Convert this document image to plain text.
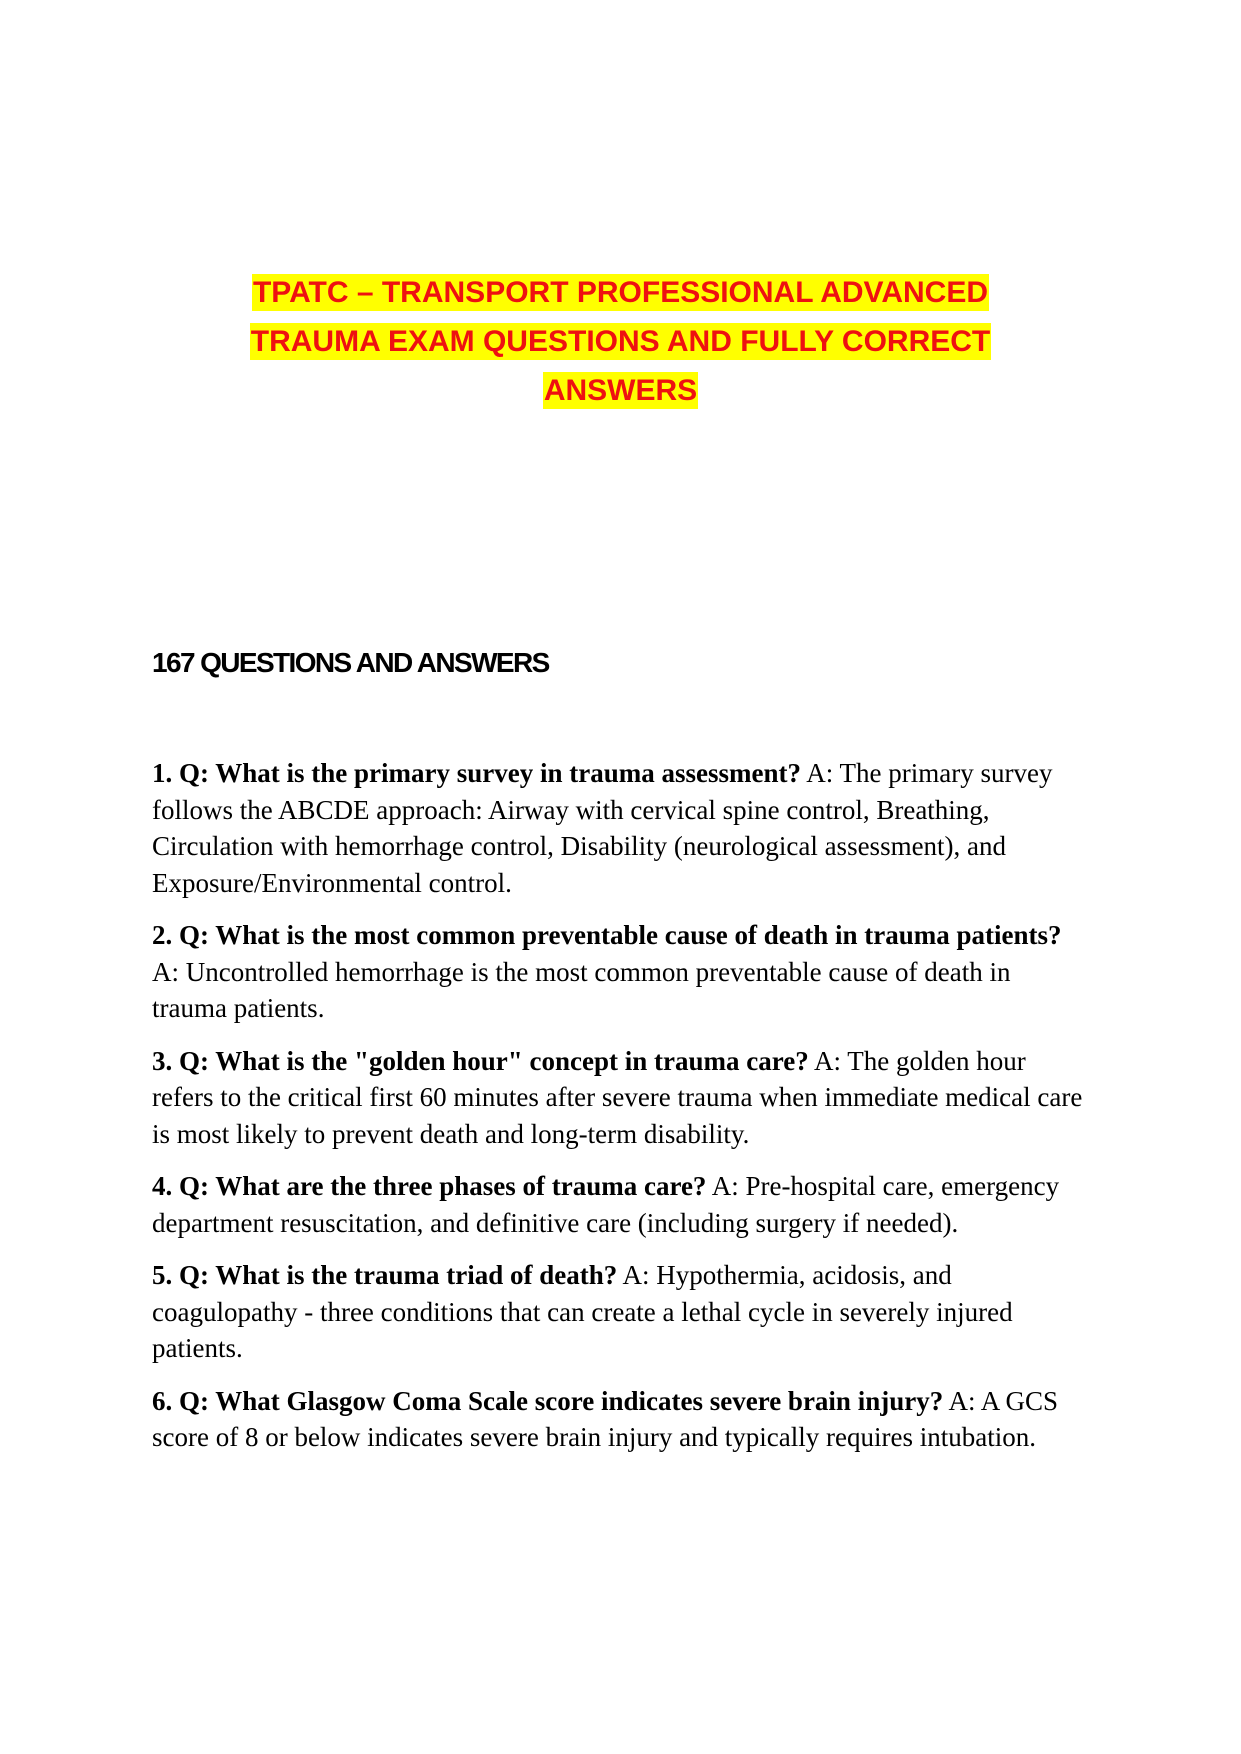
TPATC – TRANSPORT PROFESSIONAL ADVANCED
TRAUMA EXAM QUESTIONS AND FULLY CORRECT
ANSWERS
167 QUESTIONS AND ANSWERS
1. Q: What is the primary survey in trauma assessment? A: The primary survey follows the ABCDE approach: Airway with cervical spine control, Breathing, Circulation with hemorrhage control, Disability (neurological assessment), and Exposure/Environmental control.
2. Q: What is the most common preventable cause of death in trauma patients? A: Uncontrolled hemorrhage is the most common preventable cause of death in trauma patients.
3. Q: What is the "golden hour" concept in trauma care? A: The golden hour refers to the critical first 60 minutes after severe trauma when immediate medical care is most likely to prevent death and long-term disability.
4. Q: What are the three phases of trauma care? A: Pre-hospital care, emergency department resuscitation, and definitive care (including surgery if needed).
5. Q: What is the trauma triad of death? A: Hypothermia, acidosis, and coagulopathy - three conditions that can create a lethal cycle in severely injured patients.
6. Q: What Glasgow Coma Scale score indicates severe brain injury? A: A GCS score of 8 or below indicates severe brain injury and typically requires intubation.
